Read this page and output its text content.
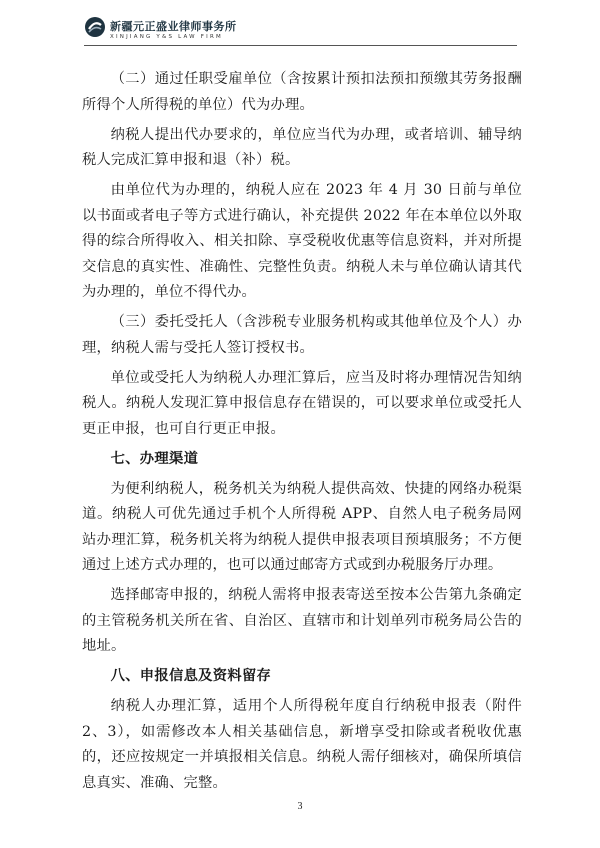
新疆元正盛业律师事务所
XINJIANG Y&S LAW FIRM
（二）通过任职受雇单位（含按累计预扣法预扣预缴其劳务报酬所得个人所得税的单位）代为办理。
纳税人提出代办要求的，单位应当代为办理，或者培训、辅导纳税人完成汇算申报和退（补）税。
由单位代为办理的，纳税人应在 2023 年 4 月 30 日前与单位以书面或者电子等方式进行确认，补充提供 2022 年在本单位以外取得的综合所得收入、相关扣除、享受税收优惠等信息资料，并对所提交信息的真实性、准确性、完整性负责。纳税人未与单位确认请其代为办理的，单位不得代办。
（三）委托受托人（含涉税专业服务机构或其他单位及个人）办理，纳税人需与受托人签订授权书。
单位或受托人为纳税人办理汇算后，应当及时将办理情况告知纳税人。纳税人发现汇算申报信息存在错误的，可以要求单位或受托人更正申报，也可自行更正申报。
七、办理渠道
为便利纳税人，税务机关为纳税人提供高效、快捷的网络办税渠道。纳税人可优先通过手机个人所得税 APP、自然人电子税务局网站办理汇算，税务机关将为纳税人提供申报表项目预填服务；不方便通过上述方式办理的，也可以通过邮寄方式或到办税服务厅办理。
选择邮寄申报的，纳税人需将申报表寄送至按本公告第九条确定的主管税务机关所在省、自治区、直辖市和计划单列市税务局公告的地址。
八、申报信息及资料留存
纳税人办理汇算，适用个人所得税年度自行纳税申报表（附件 2、3），如需修改本人相关基础信息，新增享受扣除或者税收优惠的，还应按规定一并填报相关信息。纳税人需仔细核对，确保所填信息真实、准确、完整。
3
